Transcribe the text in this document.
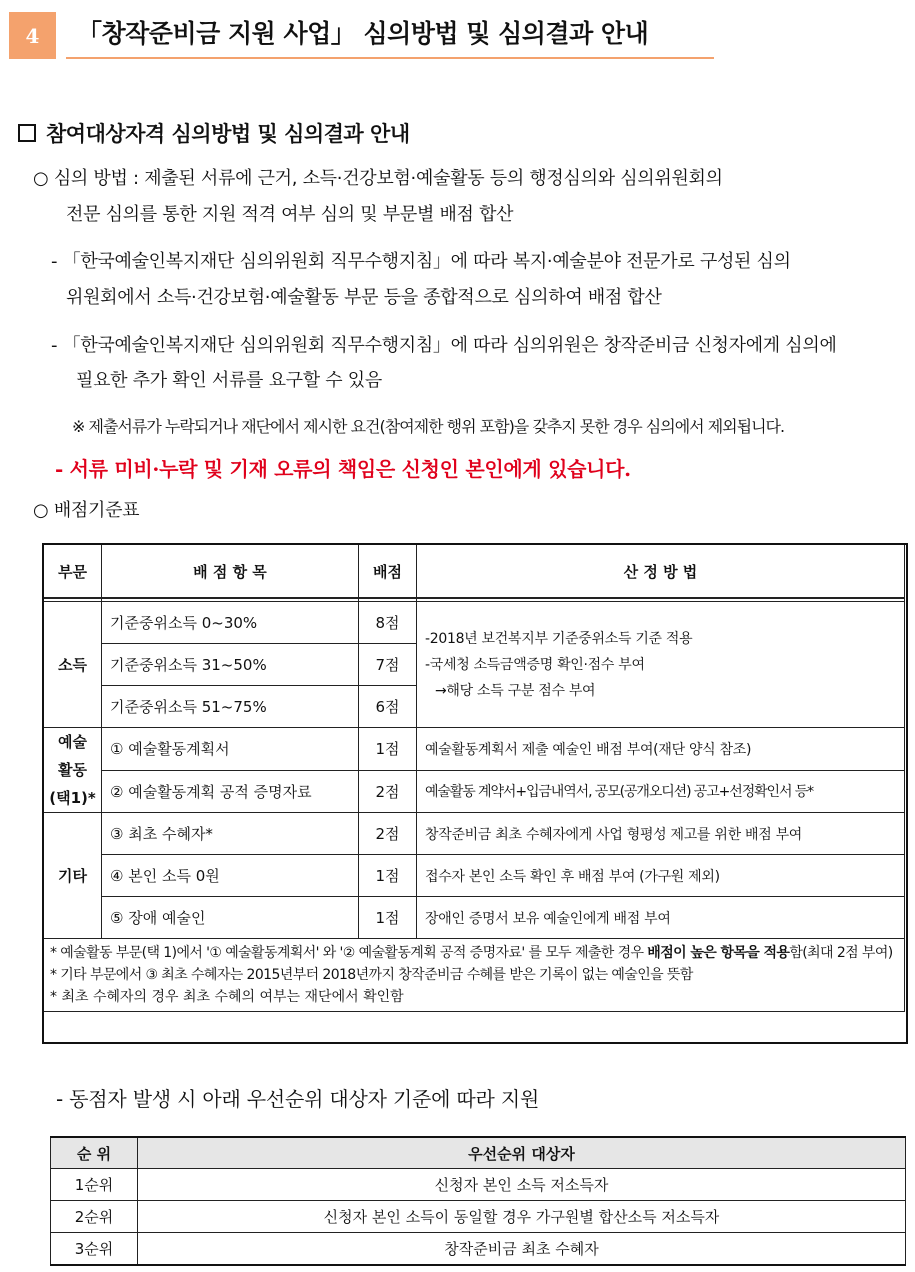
4	「창작준비금 지원 사업」 심의방법 및 심의결과 안내
참여대상자격 심의방법 및 심의결과 안내
○ 심의 방법 : 제출된 서류에 근거, 소득·건강보험·예술활동 등의 행정심의와 심의위원회의
전문 심의를 통한 지원 적격 여부 심의 및 부문별 배점 합산
- 「한국예술인복지재단 심의위원회 직무수행지침」에 따라 복지·예술분야 전문가로 구성된 심의
위원회에서 소득·건강보험·예술활동 부문 등을 종합적으로 심의하여 배점 합산
- 「한국예술인복지재단 심의위원회 직무수행지침」에 따라 심의위원은 창작준비금 신청자에게 심의에
필요한 추가 확인 서류를 요구할 수 있음
※ 제출서류가 누락되거나 재단에서 제시한 요건(참여제한 행위 포함)을 갖추지 못한 경우 심의에서 제외됩니다.
- 서류 미비·누락 및 기재 오류의 책임은 신청인 본인에게 있습니다.
○ 배점기준표
부문	배 점 항 목	배점	산 정 방 법

소득	기준중위소득 0~30%	8점	-2018년 보건복지부 기준중위소득 기준 적용
-국세청 소득금액증명 확인·점수 부여
→해당 소득 구분 점수 부여

	기준중위소득 31~50%	7점	
	기준중위소득 51~75%	6점	

예술
활동
(택1)*	① 예술활동계획서	1점	예술활동계획서 제출 예술인 배점 부여(재단 양식 참조)
	② 예술활동계획 공적 증명자료	2점	예술활동 계약서+입금내역서, 공모(공개오디션) 공고+선정확인서 등*
기타	③ 최초 수혜자*	2점	창작준비금 최초 수혜자에게 사업 형평성 제고를 위한 배점 부여
	④ 본인 소득 0원	1점	접수자 본인 소득 확인 후 배점 부여 (가구원 제외)
	⑤ 장애 예술인	1점	장애인 증명서 보유 예술인에게 배점 부여

* 예술활동 부문(택 1)에서 '① 예술활동계획서' 와 '② 예술활동계획 공적 증명자료' 를 모두 제출한 경우 배점이 높은 항목을 적용함(최대 2점 부여)
* 기타 부문에서 ③ 최초 수혜자는 2015년부터 2018년까지 창작준비금 수혜를 받은 기록이 없는 예술인을 뜻함
* 최초 수혜자의 경우 최초 수혜의 여부는 재단에서 확인함			
- 동점자 발생 시 아래 우선순위 대상자 기준에 따라 지원
순 위	우선순위 대상자
1순위	신청자 본인 소득 저소득자
2순위	신청자 본인 소득이 동일할 경우 가구원별 합산소득 저소득자
3순위	창작준비금 최초 수혜자
